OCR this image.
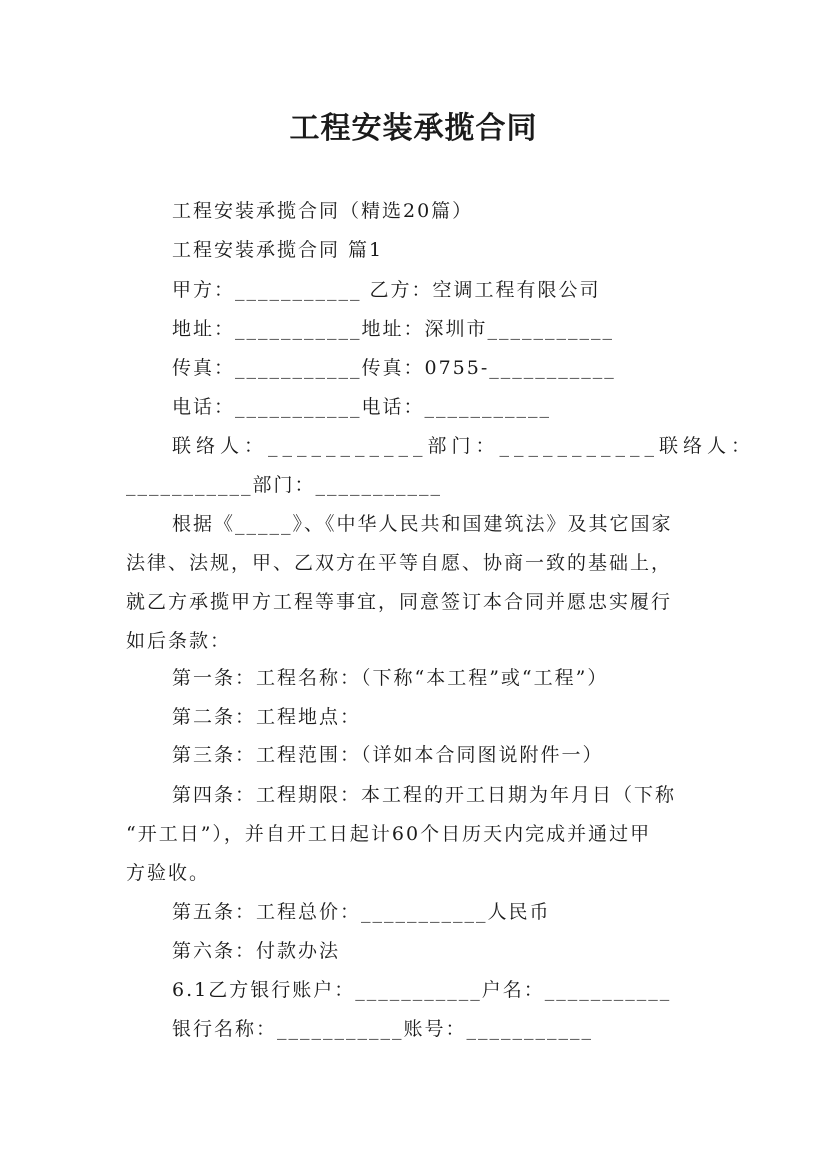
工程安装承揽合同
工程安装承揽合同（精选20篇）
工程安装承揽合同 篇1
甲方：___________ 乙方：空调工程有限公司
地址：___________地址：深圳市___________
传真：___________传真：0755-___________
电话：___________电话：___________
联络人：___________部门：___________联络人：
___________部门：___________
根据《_____》、《中华人民共和国建筑法》及其它国家
法律、法规，甲、乙双方在平等自愿、协商一致的基础上，
就乙方承揽甲方工程等事宜，同意签订本合同并愿忠实履行
如后条款：
第一条：工程名称：（下称“本工程”或“工程”）
第二条：工程地点：
第三条：工程范围：（详如本合同图说附件一）
第四条：工程期限：本工程的开工日期为年月日（下称
“开工日”），并自开工日起计60个日历天内完成并通过甲
方验收。
第五条：工程总价：___________人民币
第六条：付款办法
6.1乙方银行账户：___________户名：___________
银行名称：___________账号：___________
